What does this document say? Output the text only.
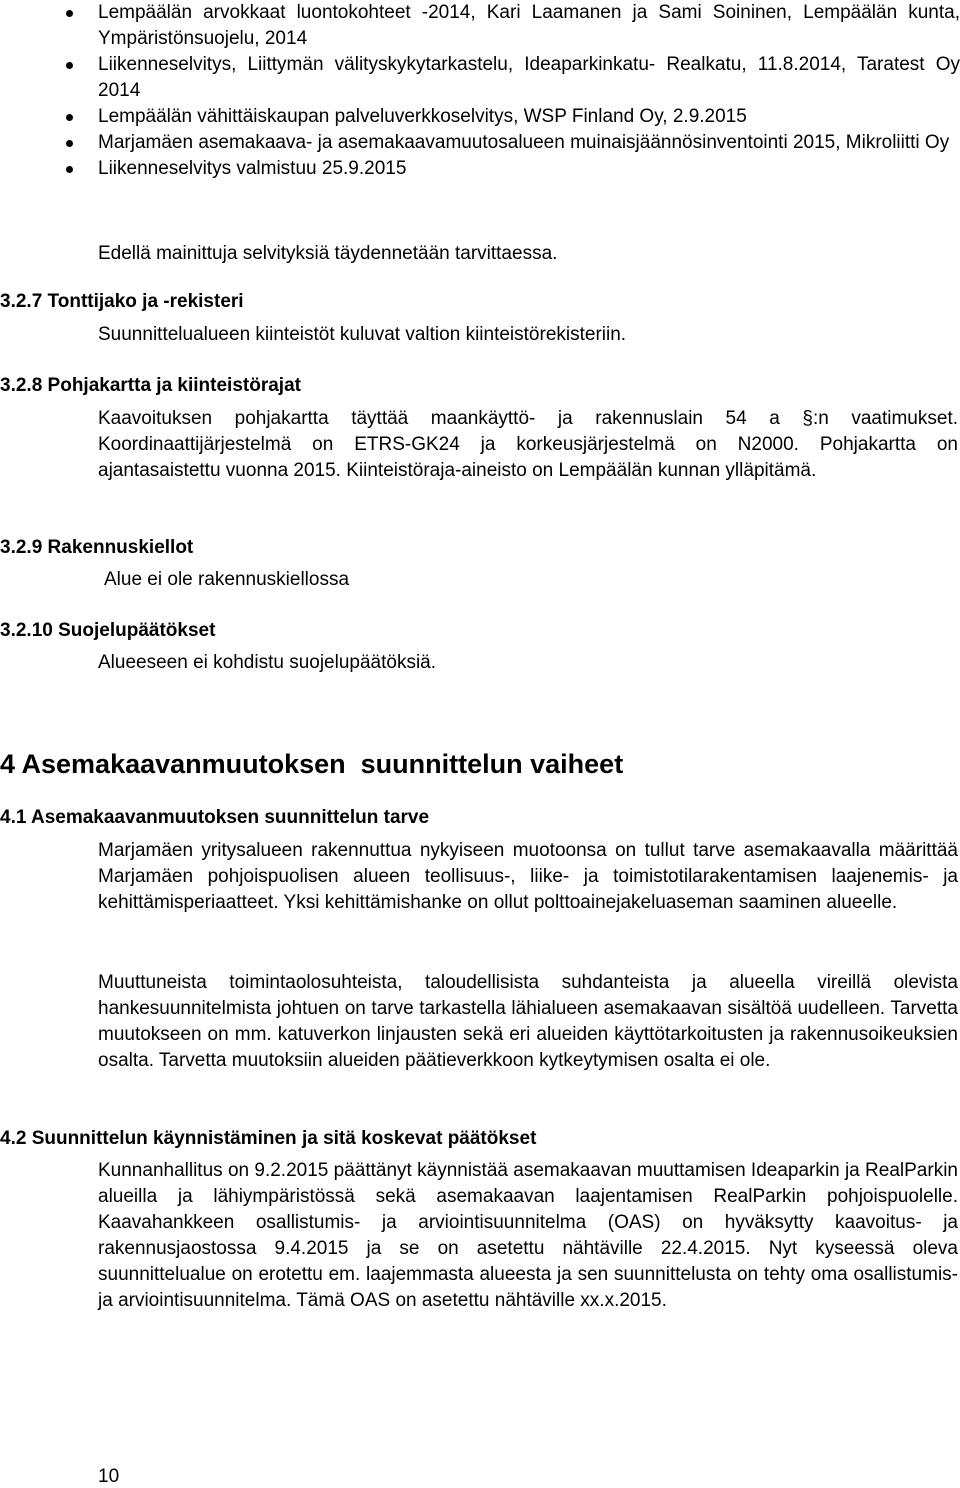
Lempäälän arvokkaat luontokohteet -2014, Kari Laamanen ja Sami Soininen, Lempäälän kunta, Ympäristönsuojelu, 2014
Liikenneselvitys, Liittymän välityskykytarkastelu, Ideaparkinkatu- Realkatu, 11.8.2014, Taratest Oy 2014
Lempäälän vähittäiskaupan palveluverkkoselvitys, WSP Finland Oy, 2.9.2015
Marjamäen asemakaava- ja asemakaavamuutosalueen muinaisjäännösinventointi 2015, Mikroliitti Oy
Liikenneselvitys valmistuu 25.9.2015

Edellä mainittuja selvityksiä täydennetään tarvittaessa.

3.2.7 Tonttijako ja -rekisteri

Suunnittelualueen kiinteistöt kuluvat valtion kiinteistörekisteriin.

3.2.8 Pohjakartta ja kiinteistörajat

Kaavoituksen pohjakartta täyttää maankäyttö- ja rakennuslain 54 a §:n vaatimukset. Koordinaattijärjestelmä on ETRS-GK24 ja korkeusjärjestelmä on N2000. Pohjakartta on ajantasaistettu vuonna 2015. Kiinteistöraja-aineisto on Lempäälän kunnan ylläpitämä.

3.2.9 Rakennuskiellot

Alue ei ole rakennuskiellossa

3.2.10 Suojelupäätökset

Alueeseen ei kohdistu suojelupäätöksiä.

4 Asemakaavanmuutoksen  suunnittelun vaiheet
4.1 Asemakaavanmuutoksen suunnittelun tarve

Marjamäen yritysalueen rakennuttua nykyiseen muotoonsa on tullut tarve asemakaavalla määrittää Marjamäen pohjoispuolisen alueen teollisuus-, liike- ja toimistotilarakentamisen laajenemis- ja kehittämisperiaatteet. Yksi kehittämishanke on ollut polttoainejakeluaseman saaminen alueelle.

Muuttuneista toimintaolosuhteista, taloudellisista suhdanteista ja alueella vireillä olevista hankesuunnitelmista johtuen on tarve tarkastella lähialueen asemakaavan sisältöä uudelleen. Tarvetta muutokseen on mm. katuverkon linjausten sekä eri alueiden käyttötarkoitusten ja rakennusoikeuksien osalta. Tarvetta muutoksiin alueiden päätieverkkoon kytkeytymisen osalta ei ole.

4.2 Suunnittelun käynnistäminen ja sitä koskevat päätökset

Kunnanhallitus on 9.2.2015 päättänyt käynnistää asemakaavan muuttamisen Ideaparkin ja RealParkin alueilla ja lähiympäristössä sekä asemakaavan laajentamisen RealParkin pohjoispuolelle. Kaavahankkeen osallistumis- ja arviointisuunnitelma (OAS) on hyväksytty kaavoitus- ja rakennusjaostossa 9.4.2015 ja se on asetettu nähtäville 22.4.2015. Nyt kyseessä oleva suunnittelualue on erotettu em. laajemmasta alueesta ja sen suunnittelusta on tehty oma osallistumis- ja arviointisuunnitelma. Tämä OAS on asetettu nähtäville xx.x.2015.

10
